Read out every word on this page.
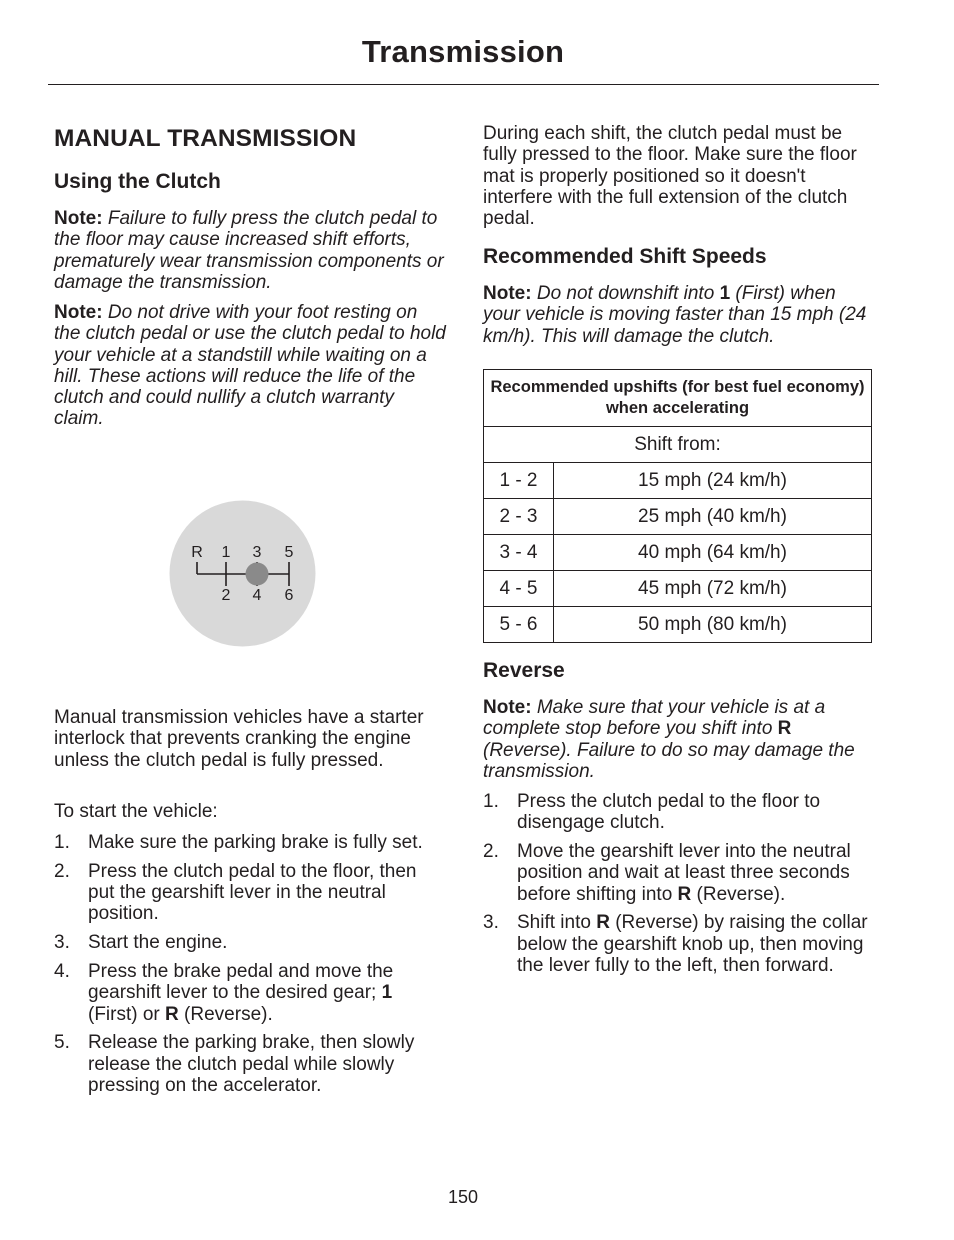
Transmission
MANUAL TRANSMISSION
Using the Clutch

Note: Failure to fully press the clutch pedal to the floor may cause increased shift efforts, prematurely wear transmission components or damage the transmission.

Note: Do not drive with your foot resting on the clutch pedal or use the clutch pedal to hold your vehicle at a standstill while waiting on a hill. These actions will reduce the life of the clutch and could nullify a clutch warranty claim.

R 1 3 5
2 4 6

Manual transmission vehicles have a starter interlock that prevents cranking the engine unless the clutch pedal is fully pressed.

To start the vehicle:

1. Make sure the parking brake is fully set.
2. Press the clutch pedal to the floor, then put the gearshift lever in the neutral position.
3. Start the engine.
4. Press the brake pedal and move the gearshift lever to the desired gear; 1 (First) or R (Reverse).
5. Release the parking brake, then slowly release the clutch pedal while slowly pressing on the accelerator.

During each shift, the clutch pedal must be fully pressed to the floor. Make sure the floor mat is properly positioned so it doesn't interfere with the full extension of the clutch pedal.

Recommended Shift Speeds

Note: Do not downshift into 1 (First) when your vehicle is moving faster than 15 mph (24 km/h). This will damage the clutch.

Recommended upshifts (for best fuel economy) when accelerating	
Shift from:	
1 - 2	15 mph (24 km/h)
2 - 3	25 mph (40 km/h)
3 - 4	40 mph (64 km/h)
4 - 5	45 mph (72 km/h)
5 - 6	50 mph (80 km/h)
Reverse

Note: Make sure that your vehicle is at a complete stop before you shift into R (Reverse). Failure to do so may damage the transmission.

1. Press the clutch pedal to the floor to disengage clutch.
2. Move the gearshift lever into the neutral position and wait at least three seconds before shifting into R (Reverse).
3. Shift into R (Reverse) by raising the collar below the gearshift knob up, then moving the lever fully to the left, then forward.
150
